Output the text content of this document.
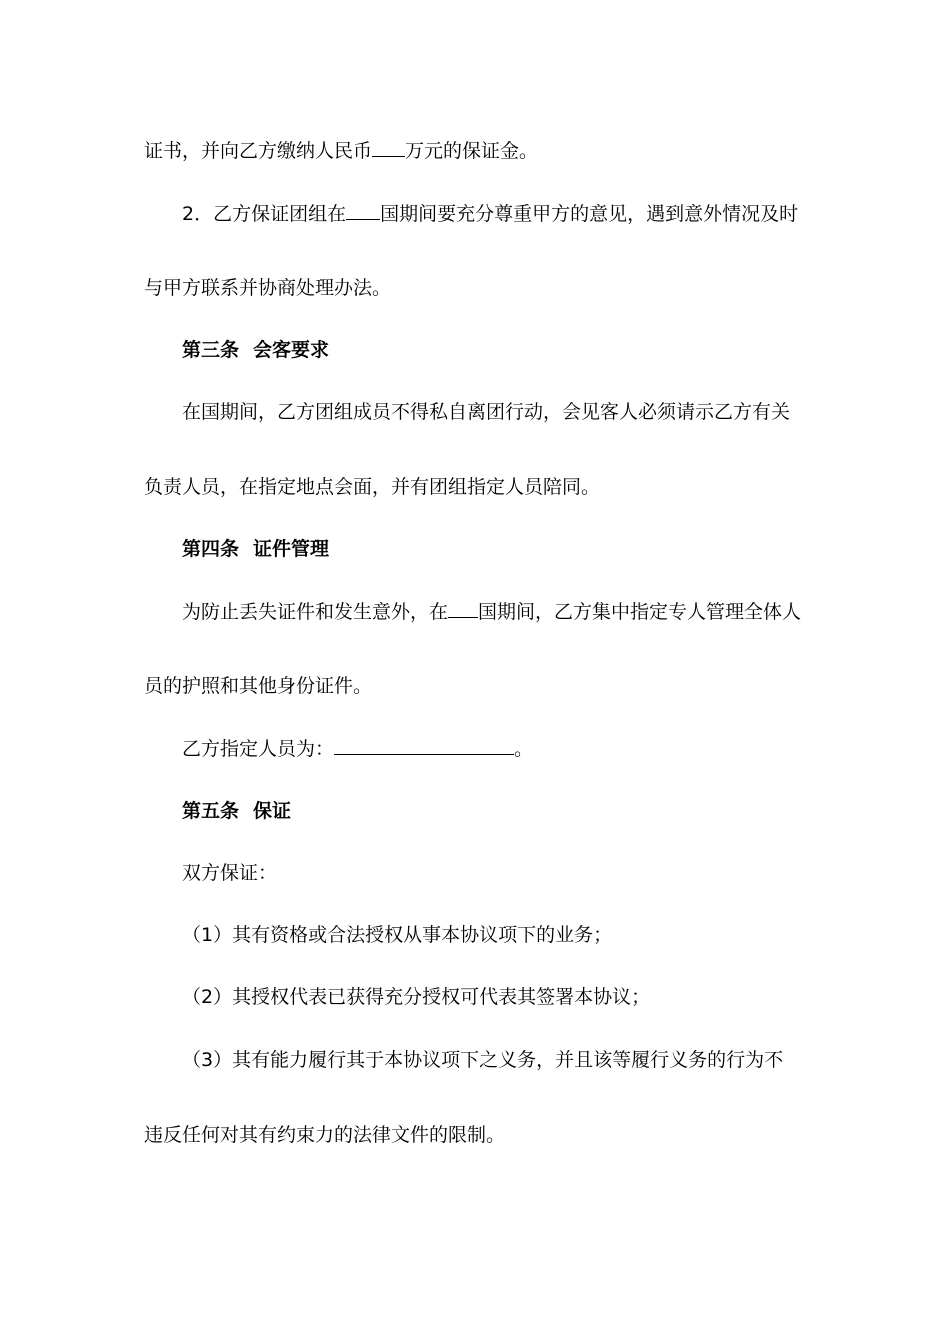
证书，并向乙方缴纳人民币 万元的保证金。

2．乙方保证团组在 国期间要充分尊重甲方的意见，遇到意外情况及时

与甲方联系并协商处理办法。

第三条 会客要求

在国期间，乙方团组成员不得私自离团行动，会见客人必须请示乙方有关

负责人员，在指定地点会面，并有团组指定人员陪同。

第四条 证件管理

为防止丢失证件和发生意外，在 国期间，乙方集中指定专人管理全体人

员的护照和其他身份证件。

乙方指定人员为：	。

第五条 保证

双方保证：

（1）其有资格或合法授权从事本协议项下的业务；

（2）其授权代表已获得充分授权可代表其签署本协议；

（3）其有能力履行其于本协议项下之义务，并且该等履行义务的行为不

违反任何对其有约束力的法律文件的限制。
